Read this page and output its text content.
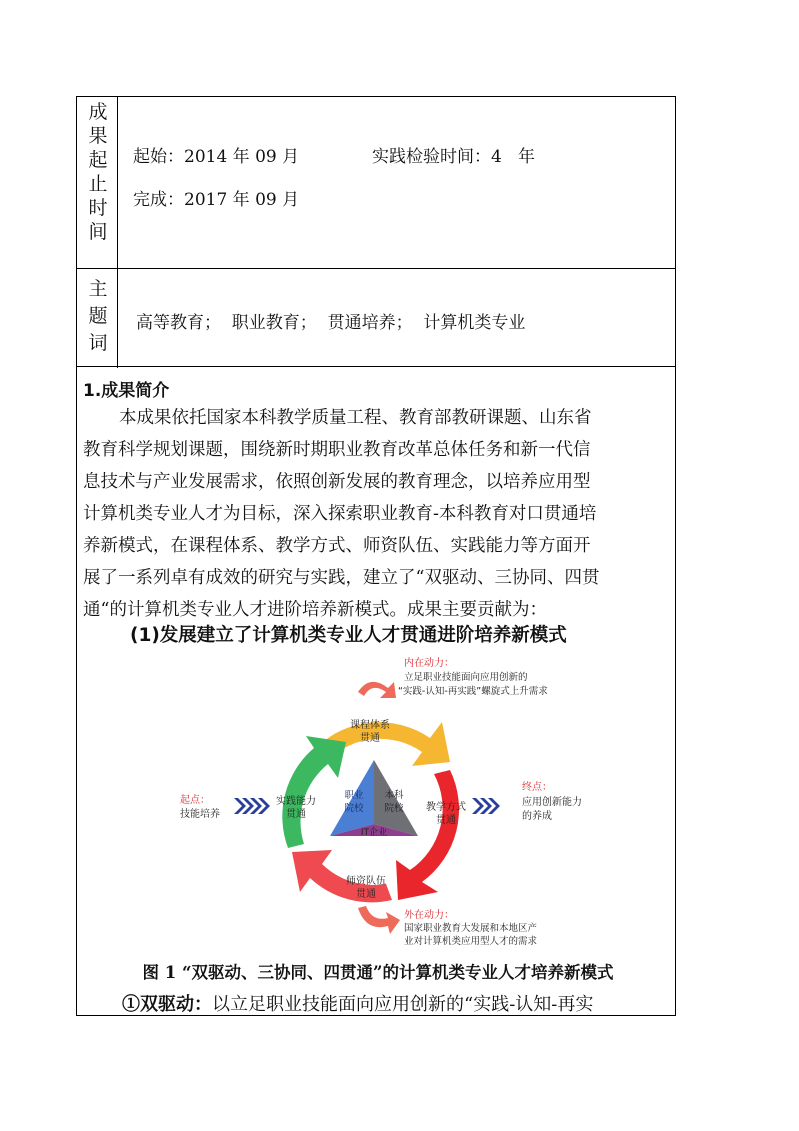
成
果
起
止
时
间
起始：2014 年 09 月	实践检验时间：4 年
完成：2017 年 09 月
主
题
词
高等教育；  职业教育；  贯通培养；  计算机类专业
1.成果简介
本成果依托国家本科教学质量工程、教育部教研课题、山东省
教育科学规划课题，围绕新时期职业教育改革总体任务和新一代信
息技术与产业发展需求，依照创新发展的教育理念，以培养应用型
计算机类专业人才为目标，深入探索职业教育-本科教育对口贯通培
养新模式，在课程体系、教学方式、师资队伍、实践能力等方面开
展了一系列卓有成效的研究与实践，建立了“双驱动、三协同、四贯
通“的计算机类专业人才进阶培养新模式。成果主要贡献为：
(1)发展建立了计算机类专业人才贯通进阶培养新模式
内在动力：
立足职业技能面向应用创新的
“实践-认知-再实践”螺旋式上升需求
课程体系
贯通
教学方式
贯通
师资队伍
贯通
实践能力
贯通
职业
院校
本科
院校
IT企业
起点：
技能培养
终点：
应用创新能力
的养成
外在动力：
国家职业教育大发展和本地区产
业对计算机类应用型人才的需求
图 1 “双驱动、三协同、四贯通”的计算机类专业人才培养新模式
①双驱动：以立足职业技能面向应用创新的“实践-认知-再实
